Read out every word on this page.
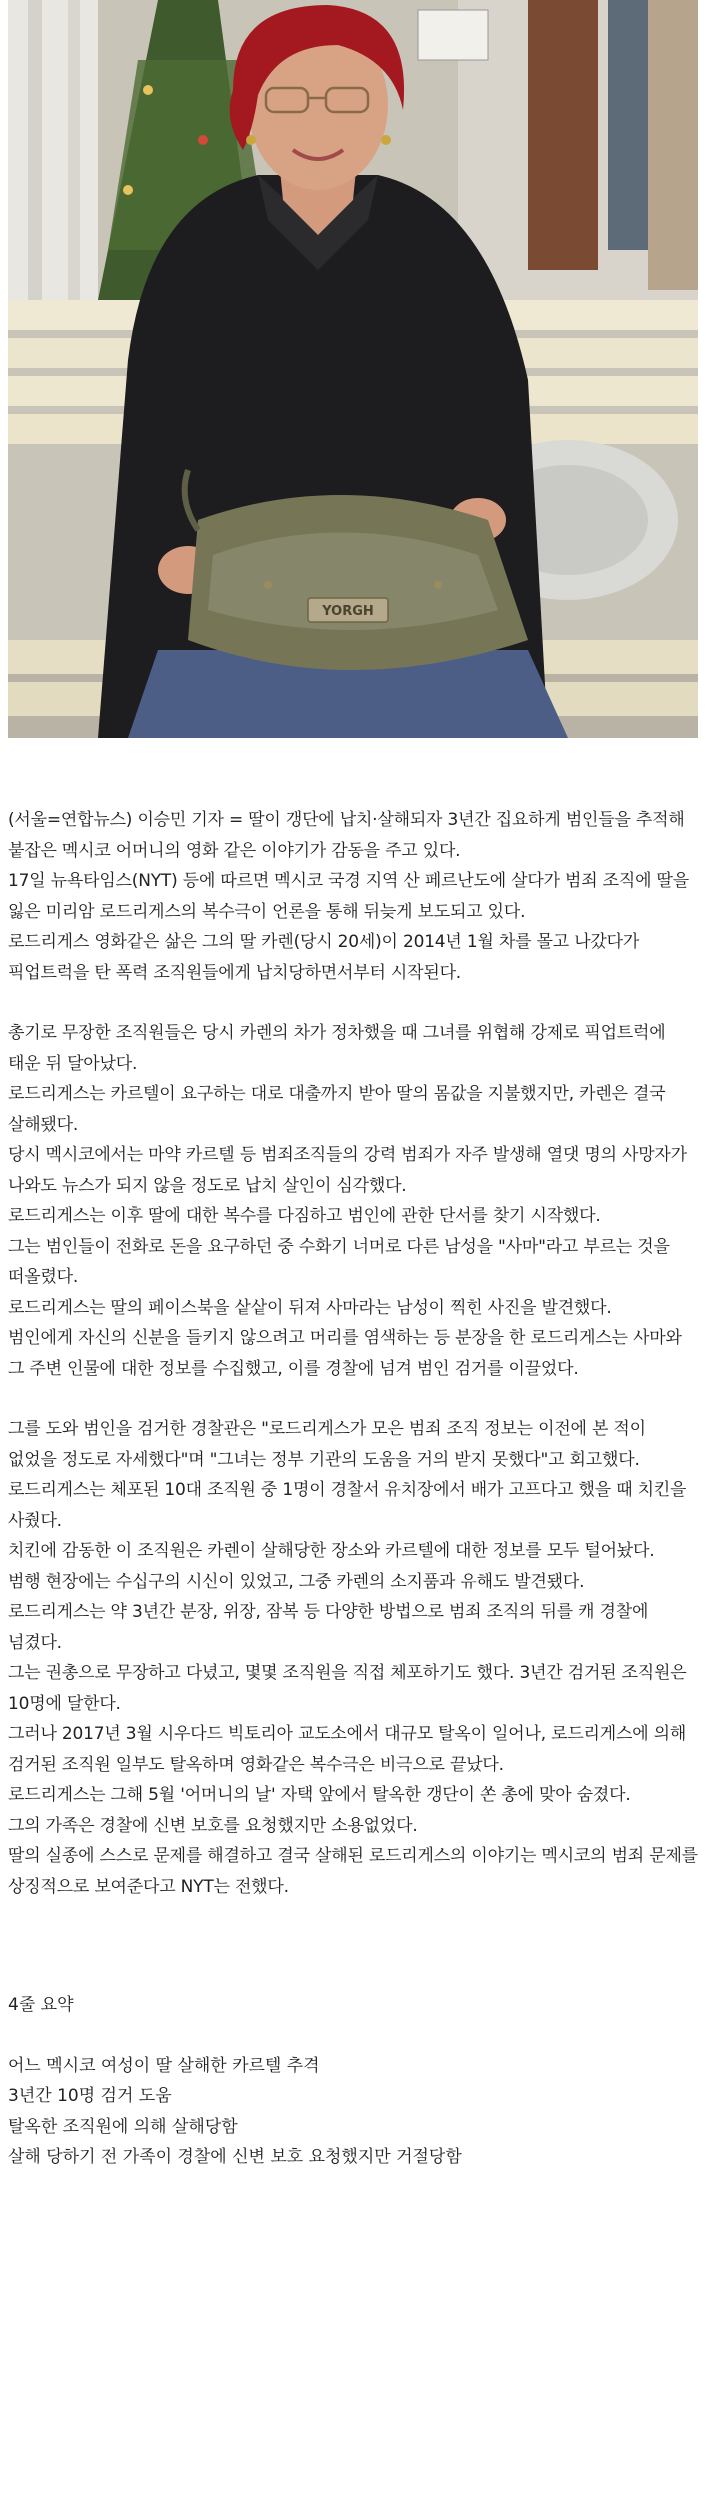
YORGH

(서울=연합뉴스) 이승민 기자 = 딸이 갱단에 납치·살해되자 3년간 집요하게 범인들을 추적해 붙잡은 멕시코 어머니의 영화 같은 이야기가 감동을 주고 있다.

17일 뉴욕타임스(NYT) 등에 따르면 멕시코 국경 지역 산 페르난도에 살다가 범죄 조직에 딸을 잃은 미리암 로드리게스의 복수극이 언론을 통해 뒤늦게 보도되고 있다.

로드리게스 영화같은 삶은 그의 딸 카렌(당시 20세)이 2014년 1월 차를 몰고 나갔다가 픽업트럭을 탄 폭력 조직원들에게 납치당하면서부터 시작된다.

총기로 무장한 조직원들은 당시 카렌의 차가 정차했을 때 그녀를 위협해 강제로 픽업트럭에 태운 뒤 달아났다.

로드리게스는 카르텔이 요구하는 대로 대출까지 받아 딸의 몸값을 지불했지만, 카렌은 결국 살해됐다.

당시 멕시코에서는 마약 카르텔 등 범죄조직들의 강력 범죄가 자주 발생해 열댓 명의 사망자가 나와도 뉴스가 되지 않을 정도로 납치 살인이 심각했다.

로드리게스는 이후 딸에 대한 복수를 다짐하고 범인에 관한 단서를 찾기 시작했다.

그는 범인들이 전화로 돈을 요구하던 중 수화기 너머로 다른 남성을 "사마"라고 부르는 것을 떠올렸다.

로드리게스는 딸의 페이스북을 샅샅이 뒤져 사마라는 남성이 찍힌 사진을 발견했다.

범인에게 자신의 신분을 들키지 않으려고 머리를 염색하는 등 분장을 한 로드리게스는 사마와 그 주변 인물에 대한 정보를 수집했고, 이를 경찰에 넘겨 범인 검거를 이끌었다.

그를 도와 범인을 검거한 경찰관은 "로드리게스가 모은 범죄 조직 정보는 이전에 본 적이 없었을 정도로 자세했다"며 "그녀는 정부 기관의 도움을 거의 받지 못했다"고 회고했다.

로드리게스는 체포된 10대 조직원 중 1명이 경찰서 유치장에서 배가 고프다고 했을 때 치킨을 사줬다.

치킨에 감동한 이 조직원은 카렌이 살해당한 장소와 카르텔에 대한 정보를 모두 털어놨다.

범행 현장에는 수십구의 시신이 있었고, 그중 카렌의 소지품과 유해도 발견됐다.

로드리게스는 약 3년간 분장, 위장, 잠복 등 다양한 방법으로 범죄 조직의 뒤를 캐 경찰에 넘겼다.

그는 권총으로 무장하고 다녔고, 몇몇 조직원을 직접 체포하기도 했다. 3년간 검거된 조직원은 10명에 달한다.

그러나 2017년 3월 시우다드 빅토리아 교도소에서 대규모 탈옥이 일어나, 로드리게스에 의해 검거된 조직원 일부도 탈옥하며 영화같은 복수극은 비극으로 끝났다.

로드리게스는 그해 5월 '어머니의 날' 자택 앞에서 탈옥한 갱단이 쏜 총에 맞아 숨졌다.

그의 가족은 경찰에 신변 보호를 요청했지만 소용없었다.

딸의 실종에 스스로 문제를 해결하고 결국 살해된 로드리게스의 이야기는 멕시코의 범죄 문제를 상징적으로 보여준다고 NYT는 전했다.

4줄 요약

어느 멕시코 여성이 딸 살해한 카르텔 추격
3년간 10명 검거 도움
탈옥한 조직원에 의해 살해당함
살해 당하기 전 가족이 경찰에 신변 보호 요청했지만 거절당함
